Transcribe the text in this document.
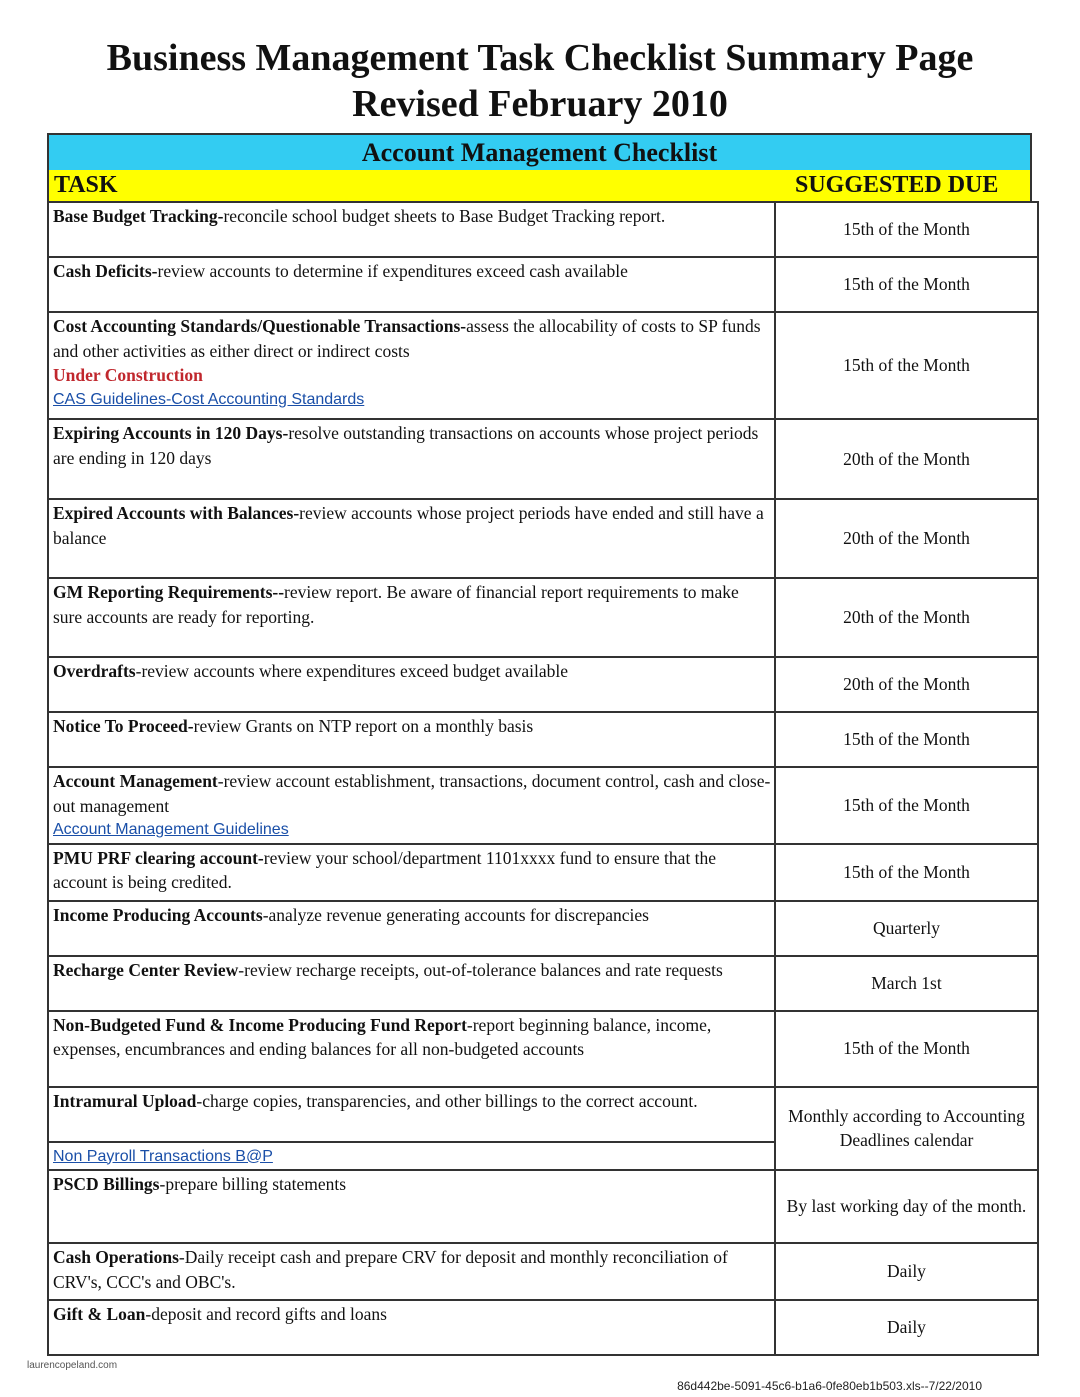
Business Management Task Checklist Summary Page
Revised February 2010
Account Management Checklist
TASK	SUGGESTED DUE
Base Budget Tracking-reconcile school budget sheets to Base Budget Tracking report.	15th of the Month
Cash Deficits-review accounts to determine if expenditures exceed cash available	15th of the Month
Cost Accounting Standards/Questionable Transactions-assess the allocability of costs to SP funds and other activities as either direct or indirect costs
Under Construction
CAS Guidelines-Cost Accounting Standards	15th of the Month
Expiring Accounts in 120 Days-resolve outstanding transactions on accounts whose project periods are ending in 120 days	20th of the Month
Expired Accounts with Balances-review accounts whose project periods have ended and still have a balance	20th of the Month
GM Reporting Requirements--review report. Be aware of financial report requirements to make sure accounts are ready for reporting.	20th of the Month
Overdrafts-review accounts where expenditures exceed budget available	20th of the Month
Notice To Proceed-review Grants on NTP report on a monthly basis	15th of the Month
Account Management-review account establishment, transactions, document control, cash and close-out management
Account Management Guidelines	15th of the Month
PMU PRF clearing account-review your school/department 1101xxxx fund to ensure that the account is being credited.	15th of the Month
Income Producing Accounts-analyze revenue generating accounts for discrepancies	Quarterly
Recharge Center Review-review recharge receipts, out-of-tolerance balances and rate requests	March 1st
Non-Budgeted Fund & Income Producing Fund Report-report beginning balance, income, expenses, encumbrances and ending balances for all non-budgeted accounts	15th of the Month
Intramural Upload-charge copies, transparencies, and other billings to the correct account.	Monthly according to Accounting Deadlines calendar
Non Payroll Transactions B@P	
PSCD Billings-prepare billing statements	By last working day of the month.
Cash Operations-Daily receipt cash and prepare CRV for deposit and monthly reconciliation of CRV's, CCC's and OBC's.	Daily
Gift & Loan-deposit and record gifts and loans	Daily
laurencopeland.com
86d442be-5091-45c6-b1a6-0fe80eb1b503.xls--7/22/2010
